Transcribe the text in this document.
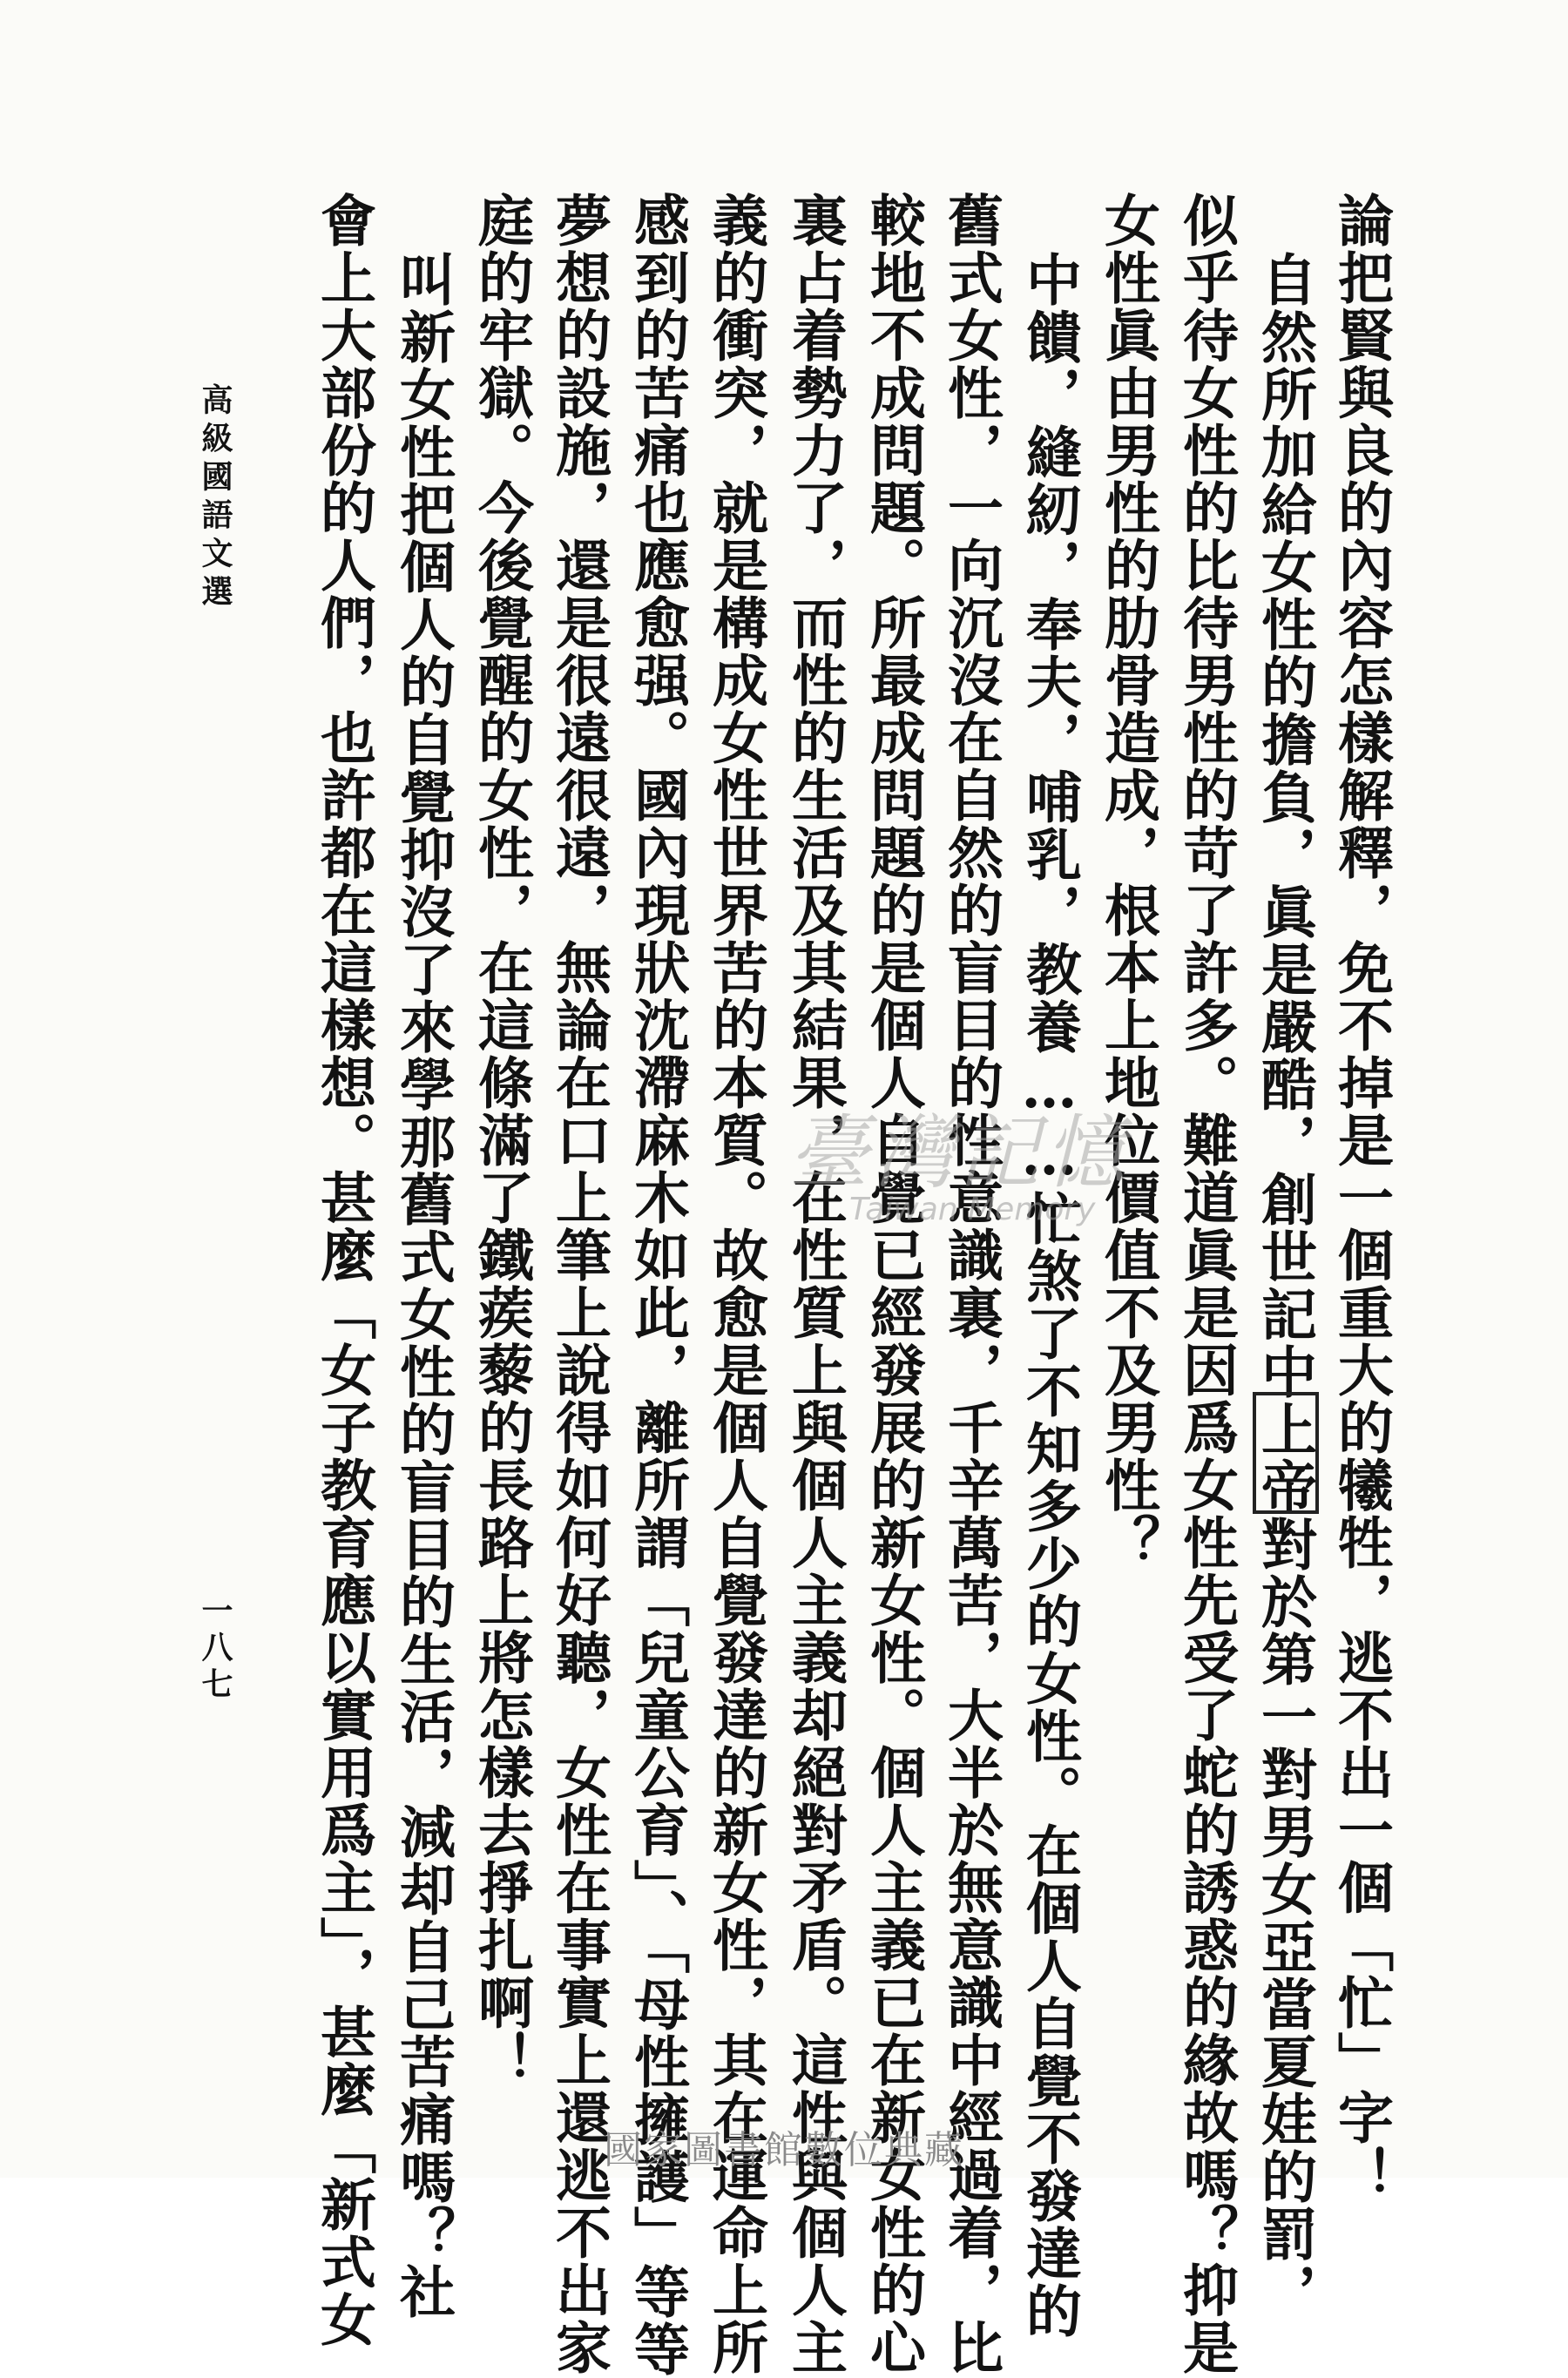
論把賢與良的內容怎樣解釋，免不掉是一個重大的犧牲，逃不出一個「忙」字！
自然所加給女性的擔負，眞是嚴酷，創世記中上帝對於第一對男女亞當夏娃的罰，
似乎待女性的比待男性的苛了許多。難道眞是因爲女性先受了蛇的誘惑的緣故嗎？抑是
女性眞由男性的肋骨造成，根本上地位價值不及男性？
中饋，縫紉，奉夫，哺乳，教養……忙煞了不知多少的女性。在個人自覺不發達的
舊式女性，一向沉沒在自然的盲目的性意識裏，千辛萬苦，大半於無意識中經過着，比
較地不成問題。所最成問題的是個人自覺已經發展的新女性。個人主義已在新女性的心
裏占着勢力了，而性的生活及其結果，在性質上與個人主義却絕對矛盾。這性與個人主
義的衝突，就是構成女性世界苦的本質。故愈是個人自覺發達的新女性，其在運命上所
感到的苦痛也應愈强。國內現狀沈滯麻木如此，離所謂「兒童公育」、「母性擁護」等等
夢想的設施，還是很遠很遠，無論在口上筆上說得如何好聽，女性在事實上還逃不出家
庭的牢獄。今後覺醒的女性，在這條滿了鐵蒺藜的長路上將怎樣去掙扎啊！
叫新女性把個人的自覺抑沒了來學那舊式女性的盲目的生活，減却自己苦痛嗎？社
會上大部份的人們，也許都在這樣想。甚麼「女子教育應以實用爲主」，甚麼「新式女
高級國語文選
一八七
臺灣記憶
Taiwan Memory
國家圖書館數位典藏
